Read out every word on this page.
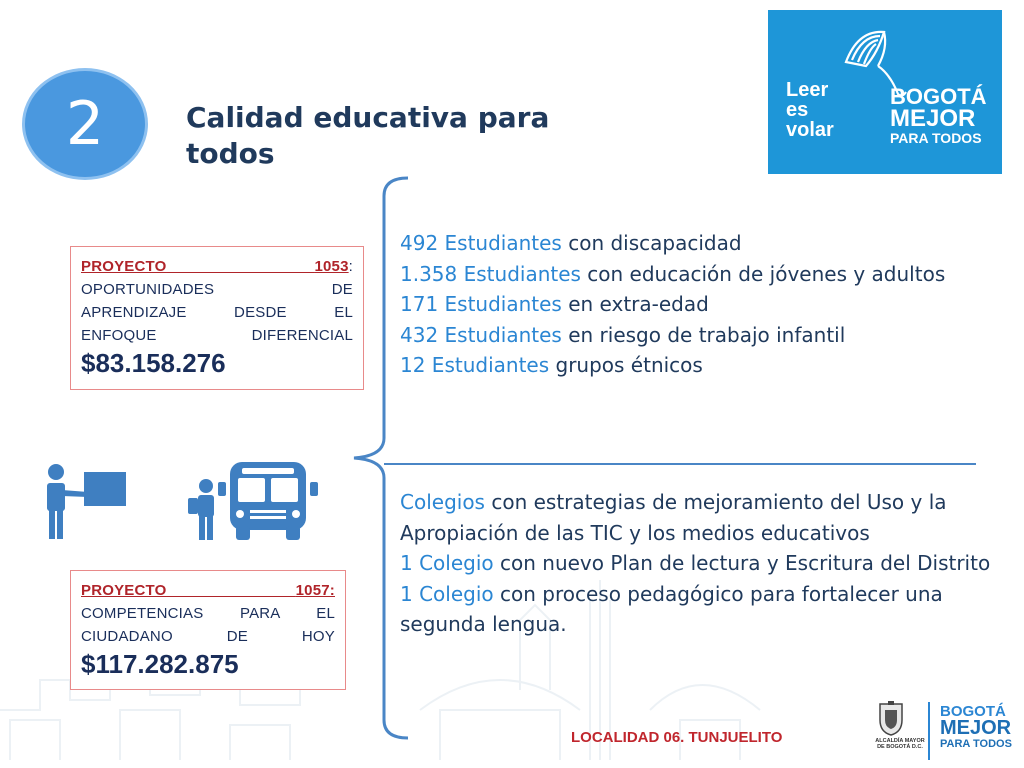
2	Calidad educativa para todos
Leer
es
volar
BOGOTÁ
MEJOR
PARA TODOS
PROYECTO	1053:
OPORTUNIDADES DE
APRENDIZAJE DESDE EL
ENFOQUE DIFERENCIAL
$83.158.276
PROYECTO	1057:
COMPETENCIAS PARA EL
CIUDADANO DE HOY
$117.282.875
492 Estudiantes con discapacidad
1.358 Estudiantes con educación de jóvenes y adultos
171 Estudiantes en extra-edad
432 Estudiantes en riesgo de trabajo infantil
12 Estudiantes grupos étnicos
Colegios con estrategias de mejoramiento del Uso y la Apropiación de las TIC y los medios educativos
1 Colegio con nuevo Plan de lectura y Escritura del Distrito
1 Colegio con proceso pedagógico para fortalecer una segunda lengua.
LOCALIDAD 06. TUNJUELITO	ALCALDÍA MAYOR
DE BOGOTÁ D.C.
BOGOTÁ
MEJOR
PARA TODOS
